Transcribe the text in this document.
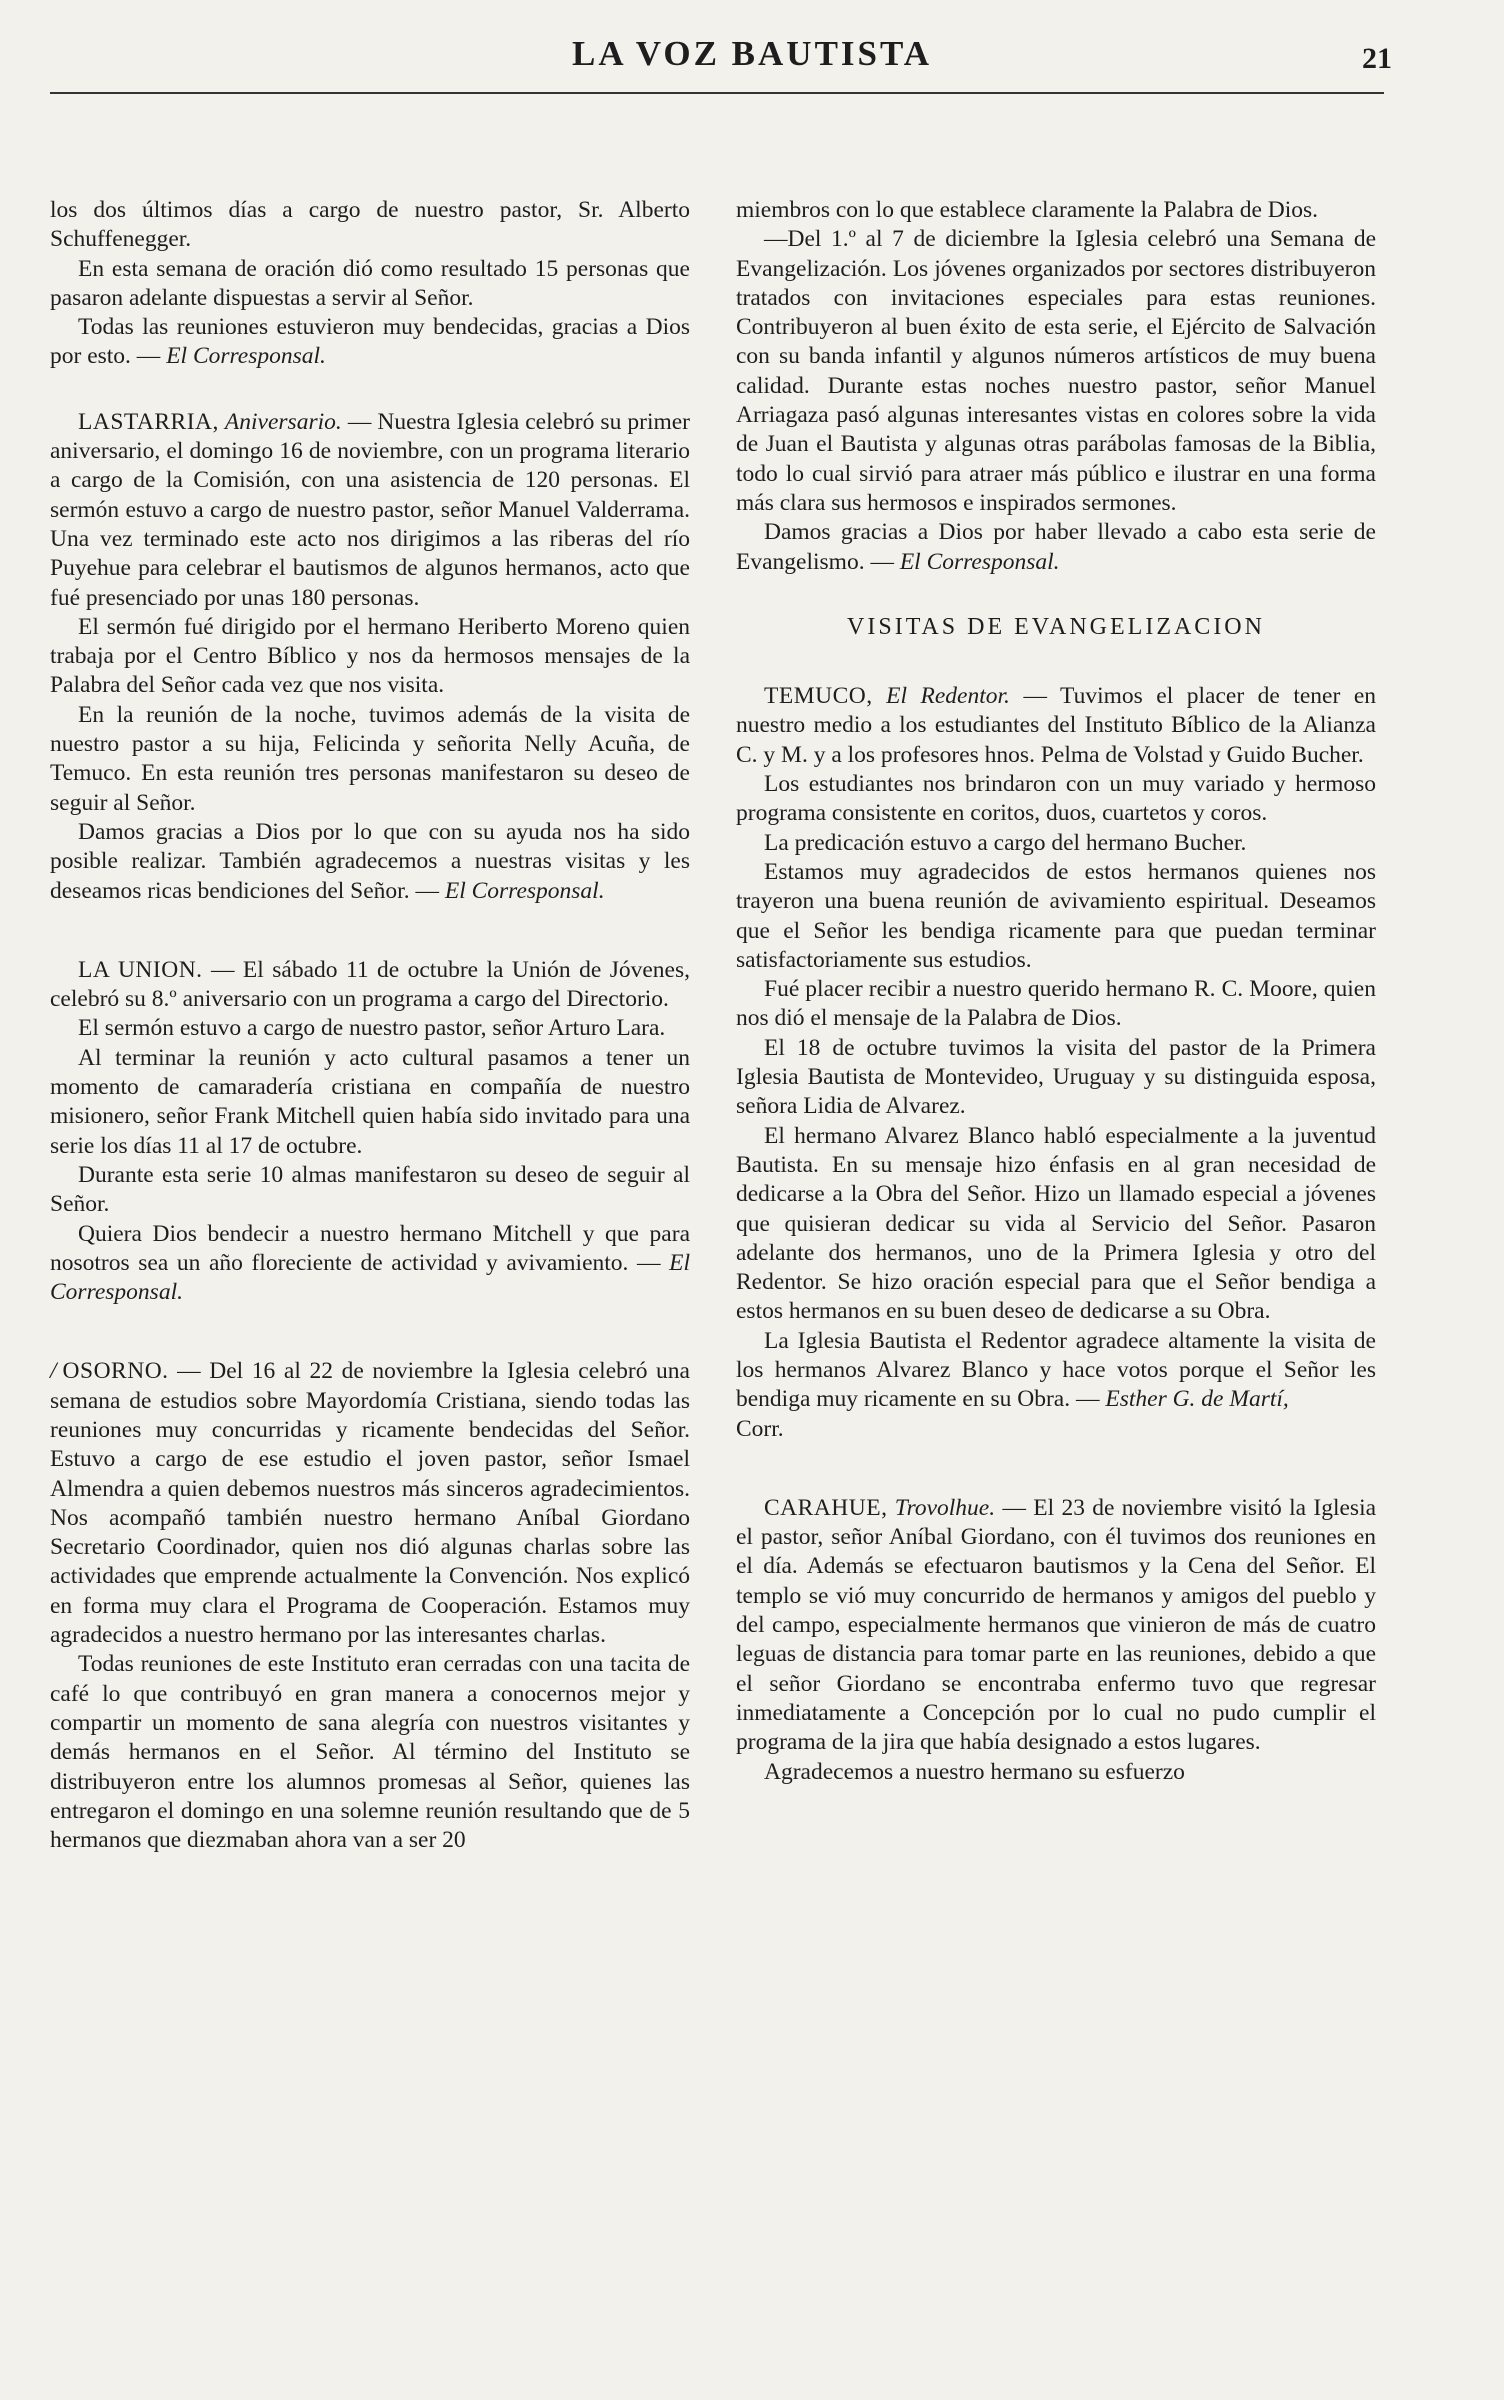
LA VOZ BAUTISTA	21

los dos últimos días a cargo de nuestro pastor, Sr. Alberto Schuffenegger.

En esta semana de oración dió como resultado 15 personas que pasaron adelante dispuestas a servir al Señor.

Todas las reuniones estuvieron muy bendecidas, gracias a Dios por esto. — El Corresponsal.

LASTARRIA, Aniversario. — Nuestra Iglesia celebró su primer aniversario, el domingo 16 de noviembre, con un programa literario a cargo de la Comisión, con una asistencia de 120 personas. El sermón estuvo a cargo de nuestro pastor, señor Manuel Valderrama. Una vez terminado este acto nos dirigimos a las riberas del río Puyehue para celebrar el bautismos de algunos hermanos, acto que fué presenciado por unas 180 personas.

El sermón fué dirigido por el hermano Heriberto Moreno quien trabaja por el Centro Bíblico y nos da hermosos mensajes de la Palabra del Señor cada vez que nos visita.

En la reunión de la noche, tuvimos además de la visita de nuestro pastor a su hija, Felicinda y señorita Nelly Acuña, de Temuco. En esta reunión tres personas manifestaron su deseo de seguir al Señor.

Damos gracias a Dios por lo que con su ayuda nos ha sido posible realizar. También agradecemos a nuestras visitas y les deseamos ricas bendiciones del Señor. — El Corresponsal.

LA UNION. — El sábado 11 de octubre la Unión de Jóvenes, celebró su 8.º aniversario con un programa a cargo del Directorio.

El sermón estuvo a cargo de nuestro pastor, señor Arturo Lara.

Al terminar la reunión y acto cultural pasamos a tener un momento de camaradería cristiana en compañía de nuestro misionero, señor Frank Mitchell quien había sido invitado para una serie los días 11 al 17 de octubre.

Durante esta serie 10 almas manifestaron su deseo de seguir al Señor.

Quiera Dios bendecir a nuestro hermano Mitchell y que para nosotros sea un año floreciente de actividad y avivamiento. — El Corresponsal.

/ OSORNO. — Del 16 al 22 de noviembre la Iglesia celebró una semana de estudios sobre Mayordomía Cristiana, siendo todas las reuniones muy concurridas y ricamente bendecidas del Señor. Estuvo a cargo de ese estudio el joven pastor, señor Ismael Almendra a quien debemos nuestros más sinceros agradecimientos. Nos acompañó también nuestro hermano Aníbal Giordano Secretario Coordinador, quien nos dió algunas charlas sobre las actividades que emprende actualmente la Convención. Nos explicó en forma muy clara el Programa de Cooperación. Estamos muy agradecidos a nuestro hermano por las interesantes charlas.

Todas reuniones de este Instituto eran cerradas con una tacita de café lo que contribuyó en gran manera a conocernos mejor y compartir un momento de sana alegría con nuestros visitantes y demás hermanos en el Señor. Al término del Instituto se distribuyeron entre los alumnos promesas al Señor, quienes las entregaron el domingo en una solemne reunión resultando que de 5 hermanos que diezmaban ahora van a ser 20

miembros con lo que establece claramente la Palabra de Dios.

—Del 1.º al 7 de diciembre la Iglesia celebró una Semana de Evangelización. Los jóvenes organizados por sectores distribuyeron tratados con invitaciones especiales para estas reuniones. Contribuyeron al buen éxito de esta serie, el Ejército de Salvación con su banda infantil y algunos números artísticos de muy buena calidad. Durante estas noches nuestro pastor, señor Manuel Arriagaza pasó algunas interesantes vistas en colores sobre la vida de Juan el Bautista y algunas otras parábolas famosas de la Biblia, todo lo cual sirvió para atraer más público e ilustrar en una forma más clara sus hermosos e inspirados sermones.

Damos gracias a Dios por haber llevado a cabo esta serie de Evangelismo. — El Corresponsal.

VISITAS DE EVANGELIZACION

TEMUCO, El Redentor. — Tuvimos el placer de tener en nuestro medio a los estudiantes del Instituto Bíblico de la Alianza C. y M. y a los profesores hnos. Pelma de Volstad y Guido Bucher.

Los estudiantes nos brindaron con un muy variado y hermoso programa consistente en coritos, duos, cuartetos y coros.

La predicación estuvo a cargo del hermano Bucher.

Estamos muy agradecidos de estos hermanos quienes nos trayeron una buena reunión de avivamiento espiritual. Deseamos que el Señor les bendiga ricamente para que puedan terminar satisfactoriamente sus estudios.

Fué placer recibir a nuestro querido hermano R. C. Moore, quien nos dió el mensaje de la Palabra de Dios.

El 18 de octubre tuvimos la visita del pastor de la Primera Iglesia Bautista de Montevideo, Uruguay y su distinguida esposa, señora Lidia de Alvarez.

El hermano Alvarez Blanco habló especialmente a la juventud Bautista. En su mensaje hizo énfasis en al gran necesidad de dedicarse a la Obra del Señor. Hizo un llamado especial a jóvenes que quisieran dedicar su vida al Servicio del Señor. Pasaron adelante dos hermanos, uno de la Primera Iglesia y otro del Redentor. Se hizo oración especial para que el Señor bendiga a estos hermanos en su buen deseo de dedicarse a su Obra.

La Iglesia Bautista el Redentor agradece altamente la visita de los hermanos Alvarez Blanco y hace votos porque el Señor les bendiga muy ricamente en su Obra. — Esther G. de Martí,

Corr.

CARAHUE, Trovolhue. — El 23 de noviembre visitó la Iglesia el pastor, señor Aníbal Giordano, con él tuvimos dos reuniones en el día. Además se efectuaron bautismos y la Cena del Señor. El templo se vió muy concurrido de hermanos y amigos del pueblo y del campo, especialmente hermanos que vinieron de más de cuatro leguas de distancia para tomar parte en las reuniones, debido a que el señor Giordano se encontraba enfermo tuvo que regresar inmediatamente a Concepción por lo cual no pudo cumplir el programa de la jira que había designado a estos lugares.

Agradecemos a nuestro hermano su esfuerzo
